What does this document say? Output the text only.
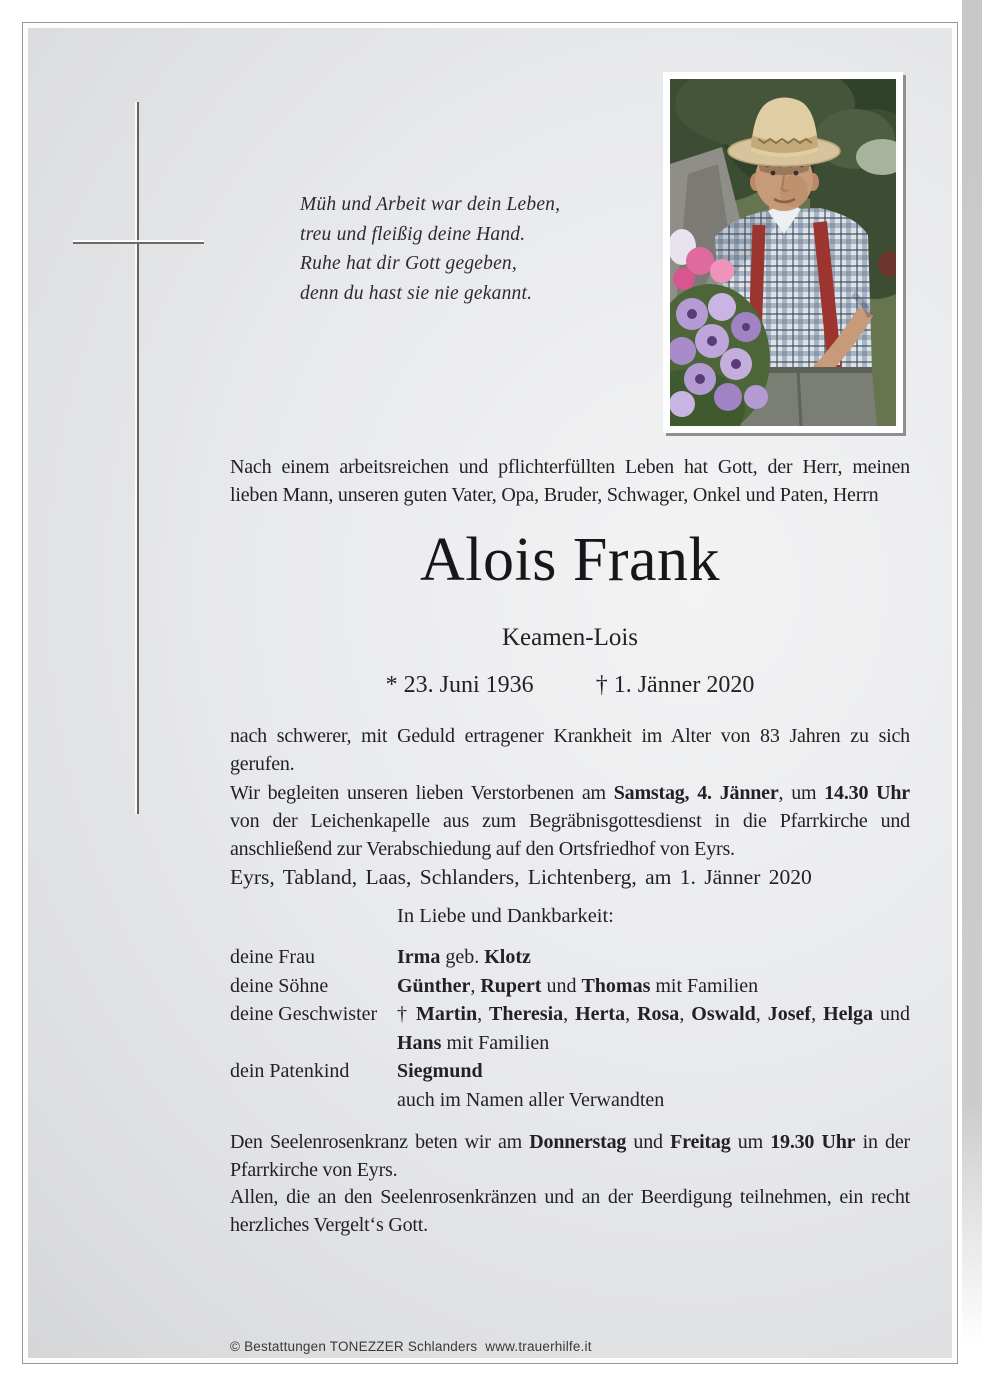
Müh und Arbeit war dein Leben,
treu und fleißig deine Hand.
Ruhe hat dir Gott gegeben,
denn du hast sie nie gekannt.
Nach einem arbeitsreichen und pflichterfüllten Leben hat Gott, der Herr, meinen lieben Mann, unseren guten Vater, Opa, Bruder, Schwager, Onkel und Paten, Herrn
Alois Frank
Keamen-Lois
* 23. Juni 1936	† 1. Jänner 2020
nach schwerer, mit Geduld ertragener Krankheit im Alter von 83 Jahren zu sich gerufen.
Wir begleiten unseren lieben Verstorbenen am Samstag, 4. Jänner, um 14.30 Uhr von der Leichenkapelle aus zum Begräbnisgottesdienst in die Pfarrkirche und anschließend zur Verabschiedung auf den Ortsfriedhof von Eyrs.
Eyrs, Tabland, Laas, Schlanders, Lichtenberg, am 1. Jänner 2020
In Liebe und Dankbarkeit:
deine Frau	Irma geb. Klotz
deine Söhne	Günther, Rupert und Thomas mit Familien
deine Geschwister † Martin, Theresia, Herta, Rosa, Oswald, Josef, Helga und Hans mit Familien
dein Patenkind	Siegmund
auch im Namen aller Verwandten
Den Seelenrosenkranz beten wir am Donnerstag und Freitag um 19.30 Uhr in der Pfarrkirche von Eyrs.
Allen, die an den Seelenrosenkränzen und an der Beerdigung teilnehmen, ein recht herzliches Vergelt‘s Gott.
© Bestattungen TONEZZER Schlanders  www.trauerhilfe.it
